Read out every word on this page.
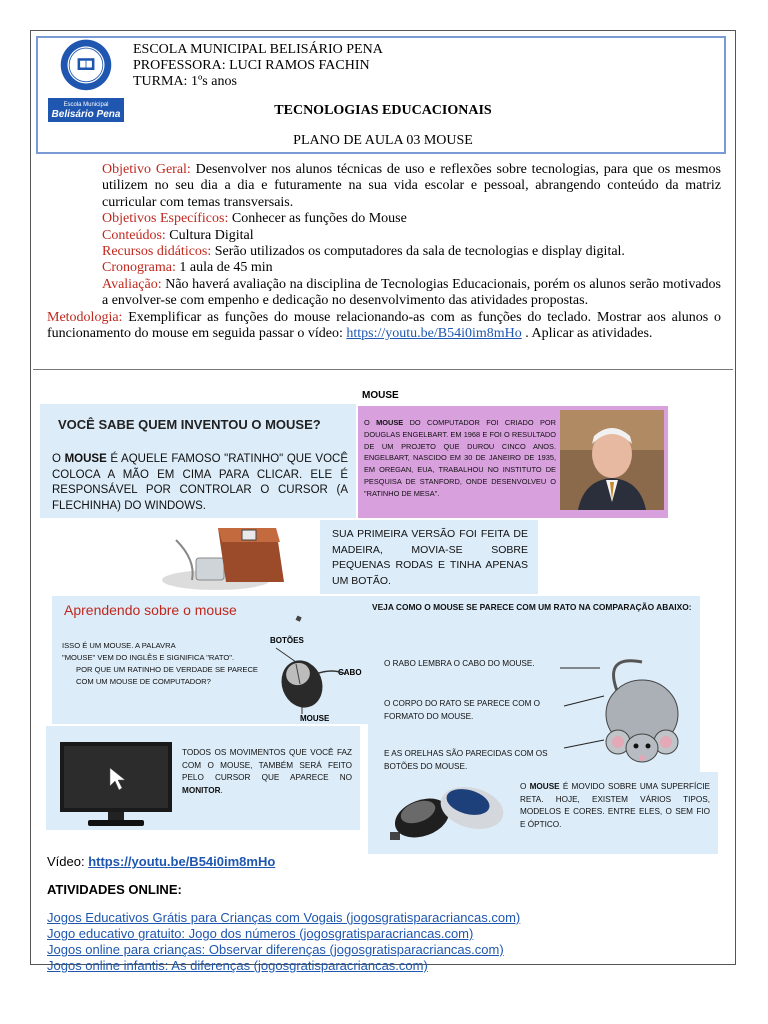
Escola Municipal
Belisário Pena
ESCOLA MUNICIPAL BELISÁRIO PENA
PROFESSORA: LUCI RAMOS FACHIN
TURMA: 1ºs anos
TECNOLOGIAS EDUCACIONAIS
PLANO DE AULA 03 MOUSE

Objetivo Geral: Desenvolver nos alunos técnicas de uso e reflexões sobre tecnologias, para que os mesmos utilizem no seu dia a dia e futuramente na sua vida escolar e pessoal, abrangendo conteúdo da matriz curricular com temas transversais.

Objetivos Específicos: Conhecer as funções do Mouse

Conteúdos: Cultura Digital

Recursos didáticos: Serão utilizados os computadores da sala de tecnologias e display digital.

Cronograma: 1 aula de 45 min

Avaliação: Não haverá avaliação na disciplina de Tecnologias Educacionais, porém os alunos serão motivados a envolver-se com empenho e dedicação no desenvolvimento das atividades propostas.

Metodologia: Exemplificar as funções do mouse relacionando-as com as funções do teclado. Mostrar aos alunos o funcionamento do mouse em seguida passar o vídeo: https://youtu.be/B54i0im8mHo . Aplicar as atividades.

MOUSE
VOCÊ SABE QUEM INVENTOU O MOUSE?
O MOUSE É AQUELE FAMOSO "RATINHO" QUE VOCÊ COLOCA A MÃO EM CIMA PARA CLICAR. ELE É RESPONSÁVEL POR CONTROLAR O CURSOR (A FLECHINHA) DO WINDOWS.
O MOUSE DO COMPUTADOR FOI CRIADO POR DOUGLAS ENGELBART. EM 1968 E FOI O RESULTADO DE UM PROJETO QUE DUROU CINCO ANOS. ENGELBART, NASCIDO EM 30 DE JANEIRO DE 1935, EM OREGAN, EUA, TRABALHOU NO INSTITUTO DE PESQUISA DE STANFORD, ONDE DESENVOLVEU O "RATINHO DE MESA".
SUA PRIMEIRA VERSÃO FOI FEITA DE MADEIRA, MOVIA-SE SOBRE PEQUENAS RODAS E TINHA APENAS UM BOTÃO.
Aprendendo sobre o mouse
ISSO É UM MOUSE. A PALAVRA
"MOUSE" VEM DO INGLÊS E SIGNIFICA "RATO".
POR QUE UM RATINHO DE VERDADE SE PARECE COM UM MOUSE DE COMPUTADOR?
BOTÕES
CABO
MOUSE
◆
VEJA COMO O MOUSE SE PARECE COM UM RATO NA COMPARAÇÃO ABAIXO:
O RABO LEMBRA O CABO DO MOUSE.
O CORPO DO RATO SE PARECE COM O FORMATO DO MOUSE.
E AS ORELHAS SÃO PARECIDAS COM OS BOTÕES DO MOUSE.
TODOS OS MOVIMENTOS QUE VOCÊ FAZ COM O MOUSE, TAMBÉM SERÁ FEITO PELO CURSOR QUE APARECE NO MONITOR.	O MOUSE É MOVIDO SOBRE UMA SUPERFÍCIE RETA. HOJE, EXISTEM VÁRIOS TIPOS, MODELOS E CORES. ENTRE ELES, O SEM FIO E ÓPTICO.
Vídeo: https://youtu.be/B54i0im8mHo
ATIVIDADES ONLINE:
Jogos Educativos Grátis para Crianças com Vogais (jogosgratisparacriancas.com)
Jogo educativo gratuito: Jogo dos números (jogosgratisparacriancas.com)
Jogos online para crianças: Observar diferenças (jogosgratisparacriancas.com)
Jogos online infantis: As diferenças (jogosgratisparacriancas.com)
